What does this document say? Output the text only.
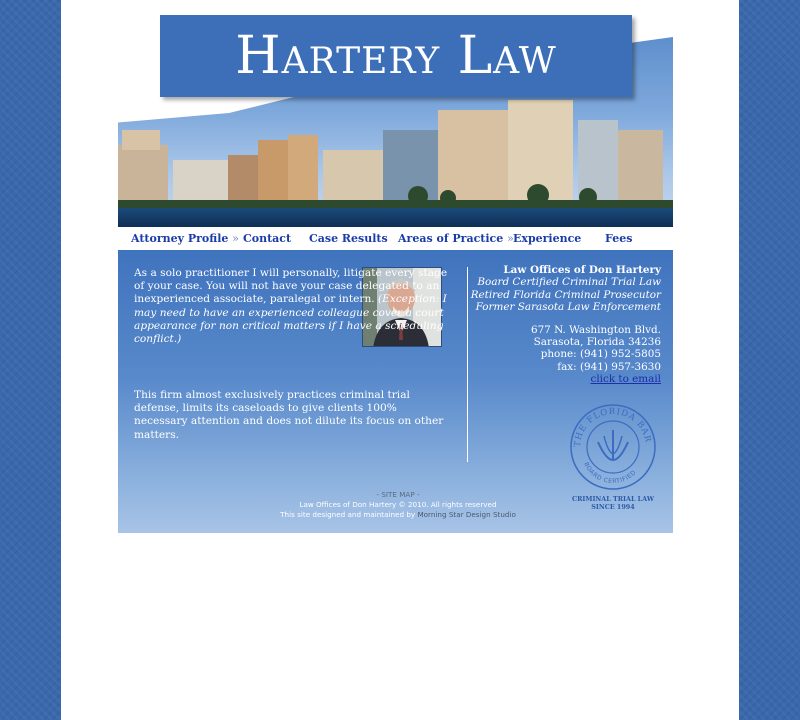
Hartery Law
Attorney Profile » Contact Case Results Areas of Practice » Experience Fees
As a solo practitioner I will personally, litigate every stage of your case. You will not have your case delegated to an inexperienced associate, paralegal or intern. (Exception: I may need to have an experienced colleague cover a court appearance for non critical matters if I have a scheduling conflict.)
This firm almost exclusively practices criminal trial defense, limits its caseloads to give clients 100% necessary attention and does not dilute its focus on other matters.
Law Offices of Don Hartery
Board Certified Criminal Trial Law
Retired Florida Criminal Prosecutor
Former Sarasota Law Enforcement
677 N. Washington Blvd.
Sarasota, Florida 34236
phone: (941) 952-5805
fax: (941) 957-3630
click to email
THE FLORIDA BAR
BOARD CERTIFIED
CRIMINAL TRIAL LAW
SINCE 1994
- SITE MAP -
Law Offices of Don Hartery © 2010. All rights reserved
This site designed and maintained by Morning Star Design Studio
